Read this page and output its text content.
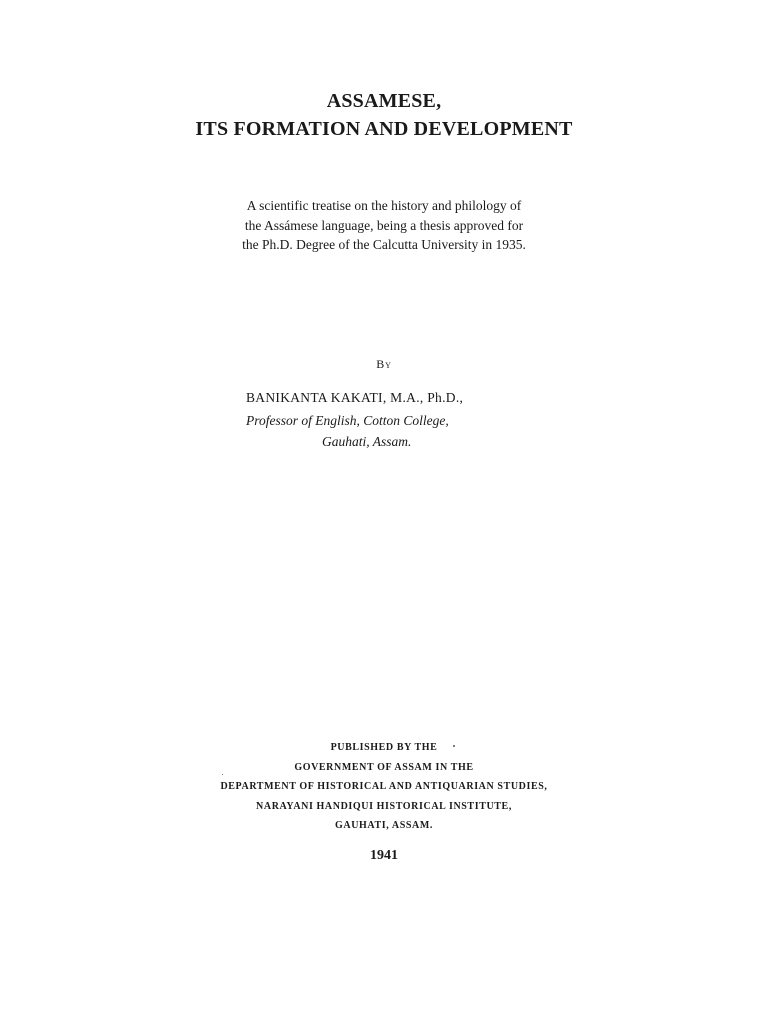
ASSAMESE,
ITS FORMATION AND DEVELOPMENT
A scientific treatise on the history and philology of
the Assámese language, being a thesis approved for
the Ph.D. Degree of the Calcutta University in 1935.
By
BANIKANTA KAKATI, M.A., Ph.D.,
Professor of English, Cotton College,
Gauhati, Assam.
PUBLISHED BY THE
GOVERNMENT OF ASSAM IN THE
DEPARTMENT OF HISTORICAL AND ANTIQUARIAN STUDIES,
NARAYANI HANDIQUI HISTORICAL INSTITUTE,
GAUHATI, ASSAM.
1941
